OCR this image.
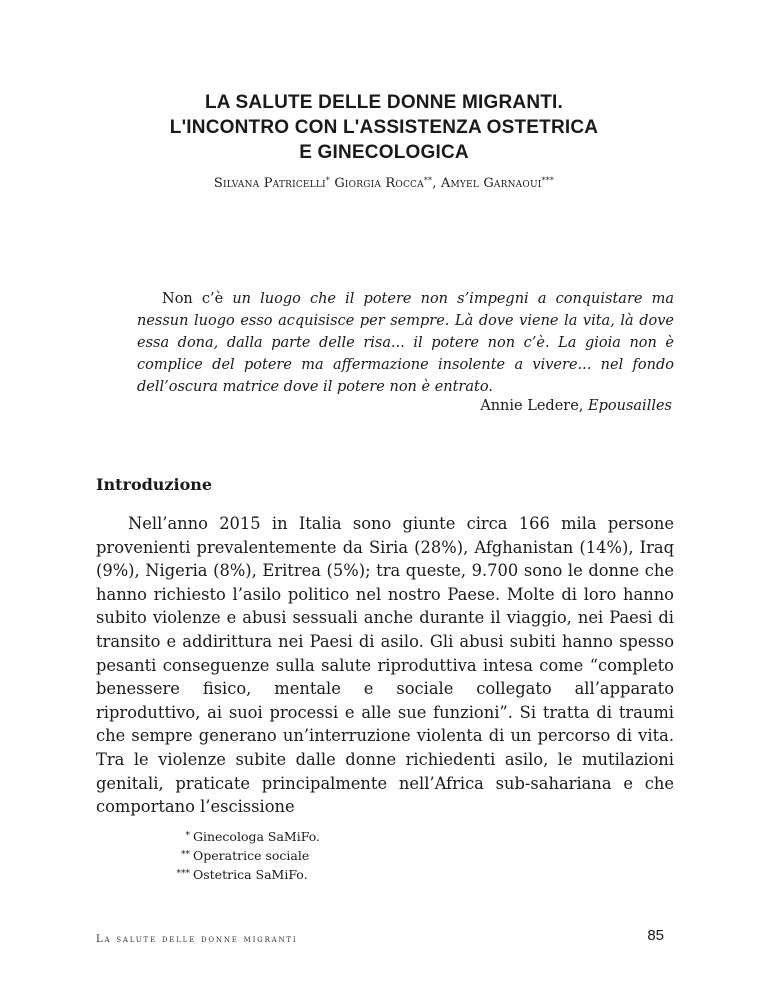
LA SALUTE DELLE DONNE MIGRANTI.
L'INCONTRO CON L'ASSISTENZA OSTETRICA
E GINECOLOGICA
Silvana Patricelli* Giorgia Rocca**, Amyel Garnaoui***
Non c’è un luogo che il potere non s’impegni a conquistare ma nessun luogo esso acquisisce per sempre. Là dove viene la vita, là dove essa dona, dalla parte delle risa... il potere non c’è. La gioia non è complice del potere ma affermazione insolente a vivere... nel fondo dell’oscura matrice dove il potere non è entrato.
Annie Ledere, Epousailles
Introduzione

Nell’anno 2015 in Italia sono giunte circa 166 mila persone provenienti prevalentemente da Siria (28%), Afghanistan (14%), Iraq (9%), Nigeria (8%), Eritrea (5%); tra queste, 9.700 sono le donne che hanno richiesto l’asilo politico nel nostro Paese. Molte di loro hanno subito violenze e abusi sessuali anche durante il viaggio, nei Paesi di transito e addirittura nei Paesi di asilo. Gli abusi subiti hanno spesso pesanti conseguenze sulla salute riproduttiva intesa come “completo benessere fisico, mentale e sociale collegato all’apparato riproduttivo, ai suoi processi e alle sue funzioni”. Si tratta di traumi che sempre generano un’interruzione violenta di un percorso di vita. Tra le violenze subite dalle donne richiedenti asilo, le mutilazioni genitali, praticate principalmente nell’Africa sub-sahariana e che comportano l’escissione

* Ginecologa SaMiFo.
** Operatrice sociale
*** Ostetrica SaMiFo.
La salute delle donne migranti	85
